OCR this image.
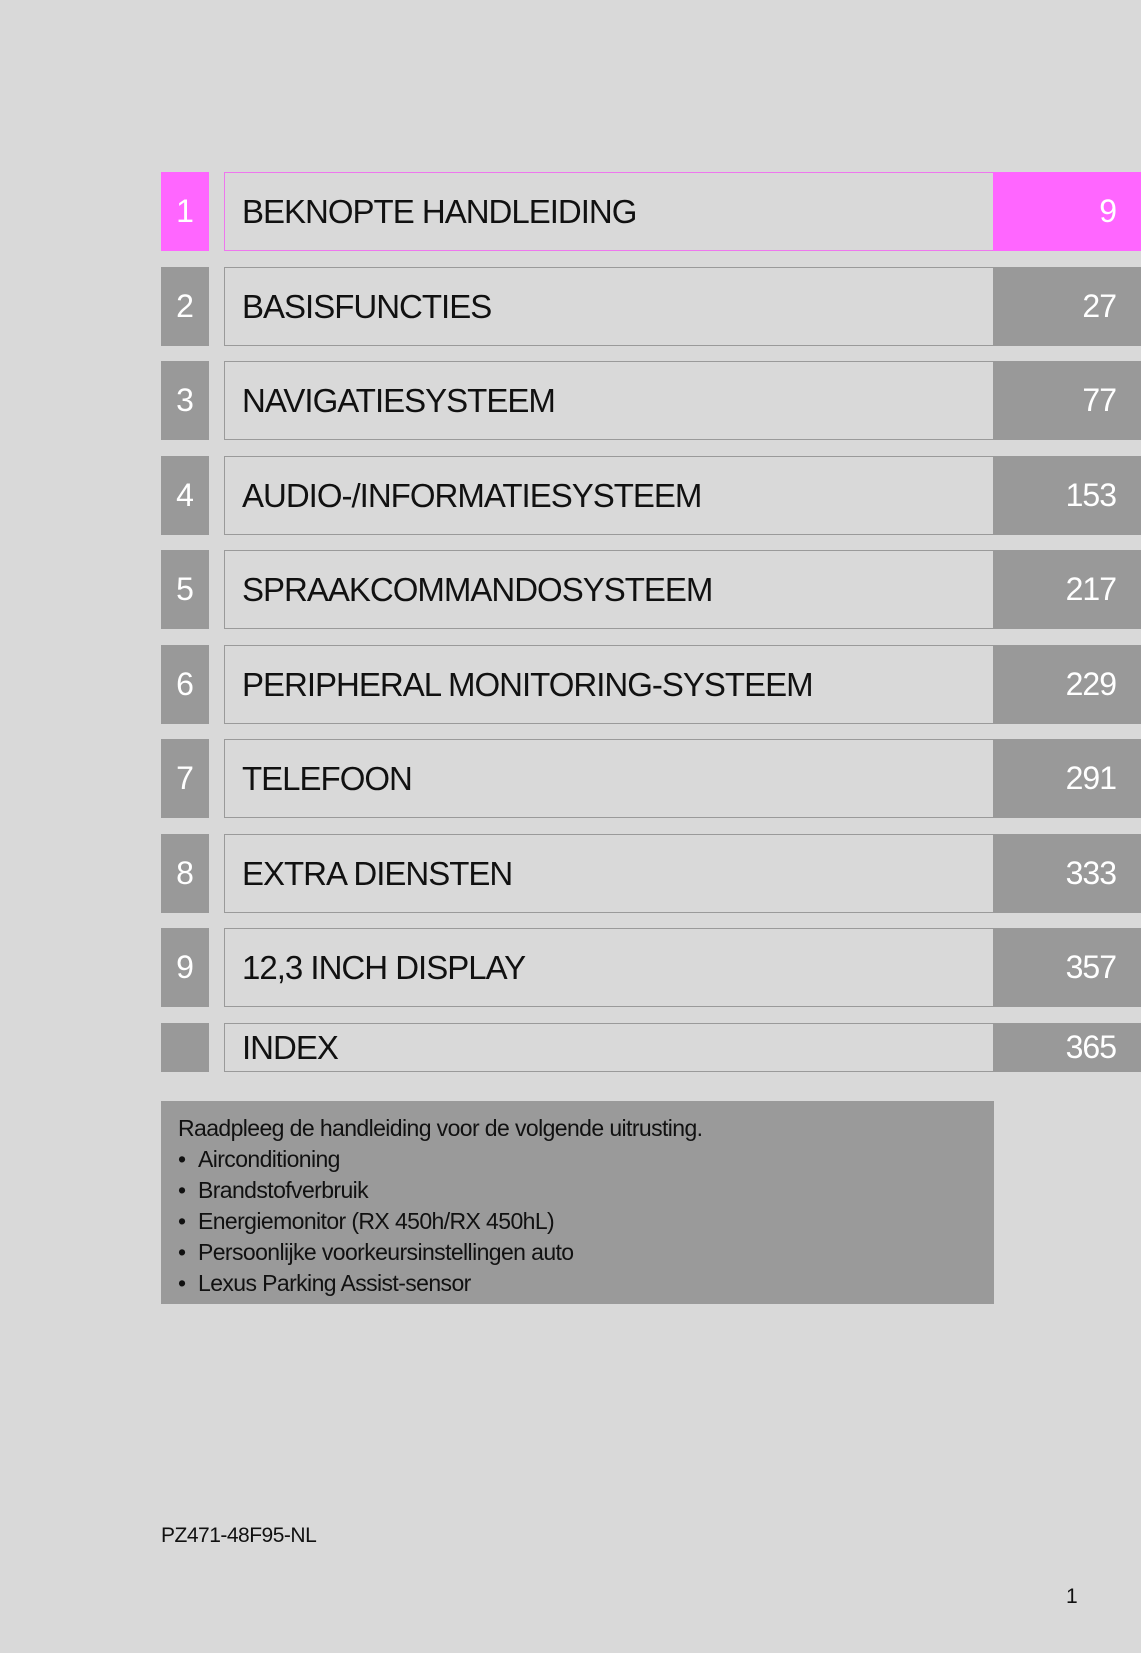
1	BEKNOPTE HANDLEIDING	9
2	BASISFUNCTIES	27
3	NAVIGATIESYSTEEM	77
4	AUDIO-/INFORMATIESYSTEEM	153
5	SPRAAKCOMMANDOSYSTEEM	217
6	PERIPHERAL MONITORING-SYSTEEM	229
7	TELEFOON	291
8	EXTRA DIENSTEN	333
9	12,3 INCH DISPLAY	357
INDEX	365
Raadpleeg de handleiding voor de volgende uitrusting.
• Airconditioning
• Brandstofverbruik
• Energiemonitor (RX 450h/RX 450hL)
• Persoonlijke voorkeursinstellingen auto
• Lexus Parking Assist-sensor
PZ471-48F95-NL
1
